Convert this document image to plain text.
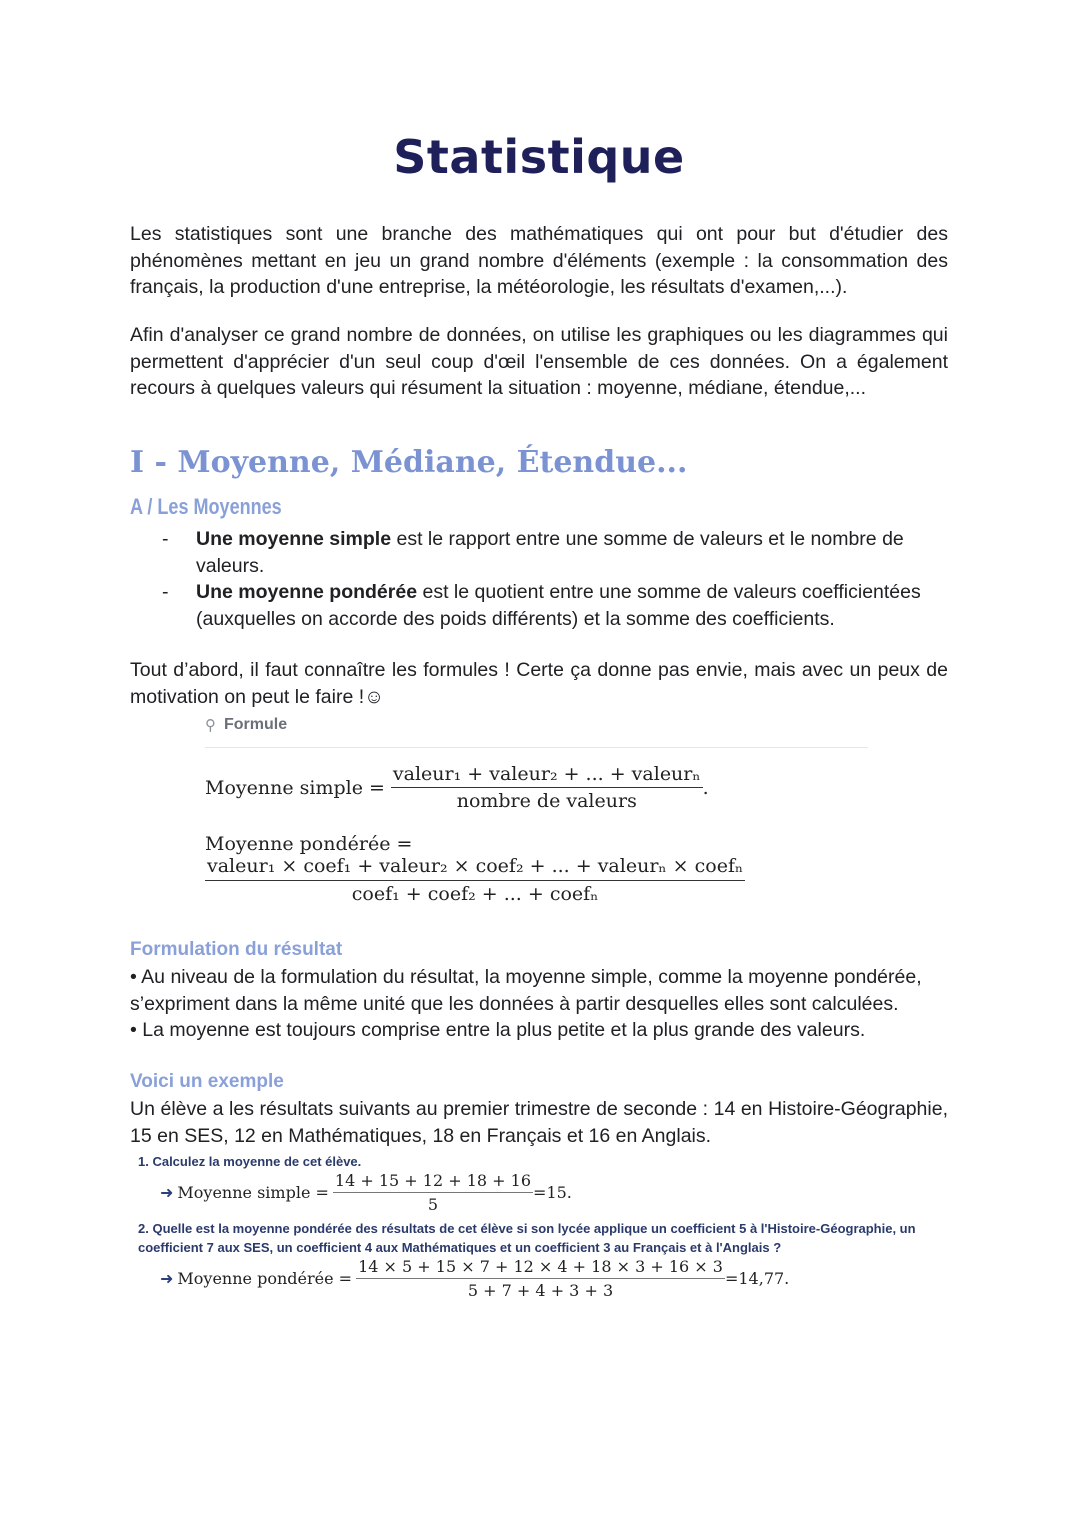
Statistique

Les statistiques sont une branche des mathématiques qui ont pour but d'étudier des phénomènes mettant en jeu un grand nombre d'éléments (exemple : la consommation des français, la production d'une entreprise, la météorologie, les résultats d'examen,...).

Afin d'analyser ce grand nombre de données, on utilise les graphiques ou les diagrammes qui permettent d'apprécier d'un seul coup d'œil l'ensemble de ces données. On a également recours à quelques valeurs qui résument la situation : moyenne, médiane, étendue,...

I - Moyenne, Médiane, Étendue...
A / Les Moyennes
- Une moyenne simple est le rapport entre une somme de valeurs et le nombre de valeurs.
- Une moyenne pondérée est le quotient entre une somme de valeurs coefficientées (auxquelles on accorde des poids différents) et la somme des coefficients.

Tout d’abord, il faut connaître les formules ! Certe ça donne pas envie, mais avec un peux de motivation on peut le faire !☺

⚲ Formule
Moyenne simple = $\frac{\text{valeur₁ + valeur₂ + ... + valeurₙ}}{\text{nombre de valeurs}}$ .
Moyenne pondérée =
$\frac{\text{valeur₁ × coef₁ + valeur₂ × coef₂ + ... + valeurₙ × coefₙ}}{\text{coef₁ + coef₂ + ... + coefₙ}}$
Formulation du résultat

• Au niveau de la formulation du résultat, la moyenne simple, comme la moyenne pondérée, s’expriment dans la même unité que les données à partir desquelles elles sont calculées.

• La moyenne est toujours comprise entre la plus petite et la plus grande des valeurs.

Voici un exemple

Un élève a les résultats suivants au premier trimestre de seconde : 14 en Histoire-Géographie, 15 en SES, 12 en Mathématiques, 18 en Français et 16 en Anglais.

1. Calculez la moyenne de cet élève.

➜ Moyenne simple = $\frac{14 + 15 + 12 + 18 + 16}{5} =15$.

2. Quelle est la moyenne pondérée des résultats de cet élève si son lycée applique un coefficient 5 à l'Histoire-Géographie, un coefficient 7 aux SES, un coefficient 4 aux Mathématiques et un coefficient 3 au Français et à l'Anglais ?

➜ Moyenne pondérée = $\frac{14 \times 5 + 15 \times 7 + 12 \times 4 + 18 \times 3 + 16 \times 3}{5 + 7 + 4 + 3 + 3} =14,77$.
